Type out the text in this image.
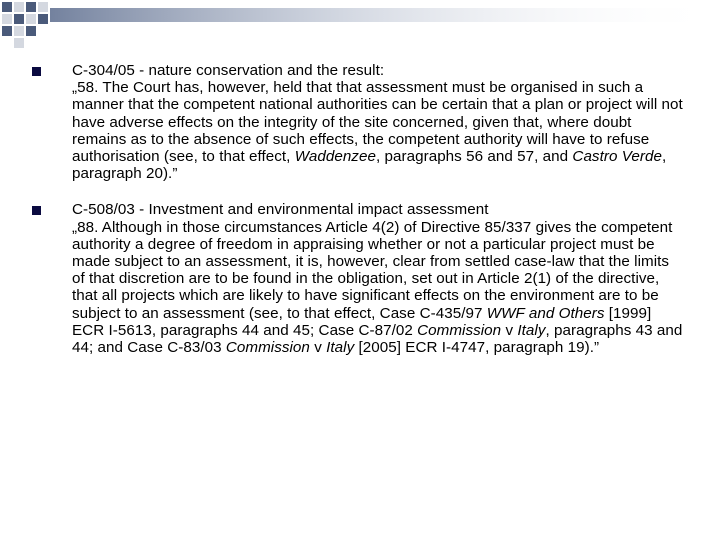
C‑304/05 - nature conservation and the result:

„58. The Court has, however, held that that assessment must be organised in such a manner that the competent national authorities can be certain that a plan or project will not have adverse effects on the integrity of the site concerned, given that, where doubt remains as to the absence of such effects, the competent authority will have to refuse authorisation (see, to that effect, Waddenzee, paragraphs 56 and 57, and Castro Verde, paragraph 20).”

C‑508/03 - Investment and environmental impact assessment

„88. Although in those circumstances Article 4(2) of Directive 85/337 gives the competent authority a degree of freedom in appraising whether or not a particular project must be made subject to an assessment, it is, however, clear from settled case-law that the limits of that discretion are to be found in the obligation, set out in Article 2(1) of the directive, that all projects which are likely to have significant effects on the environment are to be subject to an assessment (see, to that effect, Case C-435/97 WWF and Others [1999] ECR I-5613, paragraphs 44 and 45; Case C-87/02 Commission v Italy, paragraphs 43 and 44; and Case C‑83/03 Commission v Italy [2005] ECR I-4747, paragraph 19).”
